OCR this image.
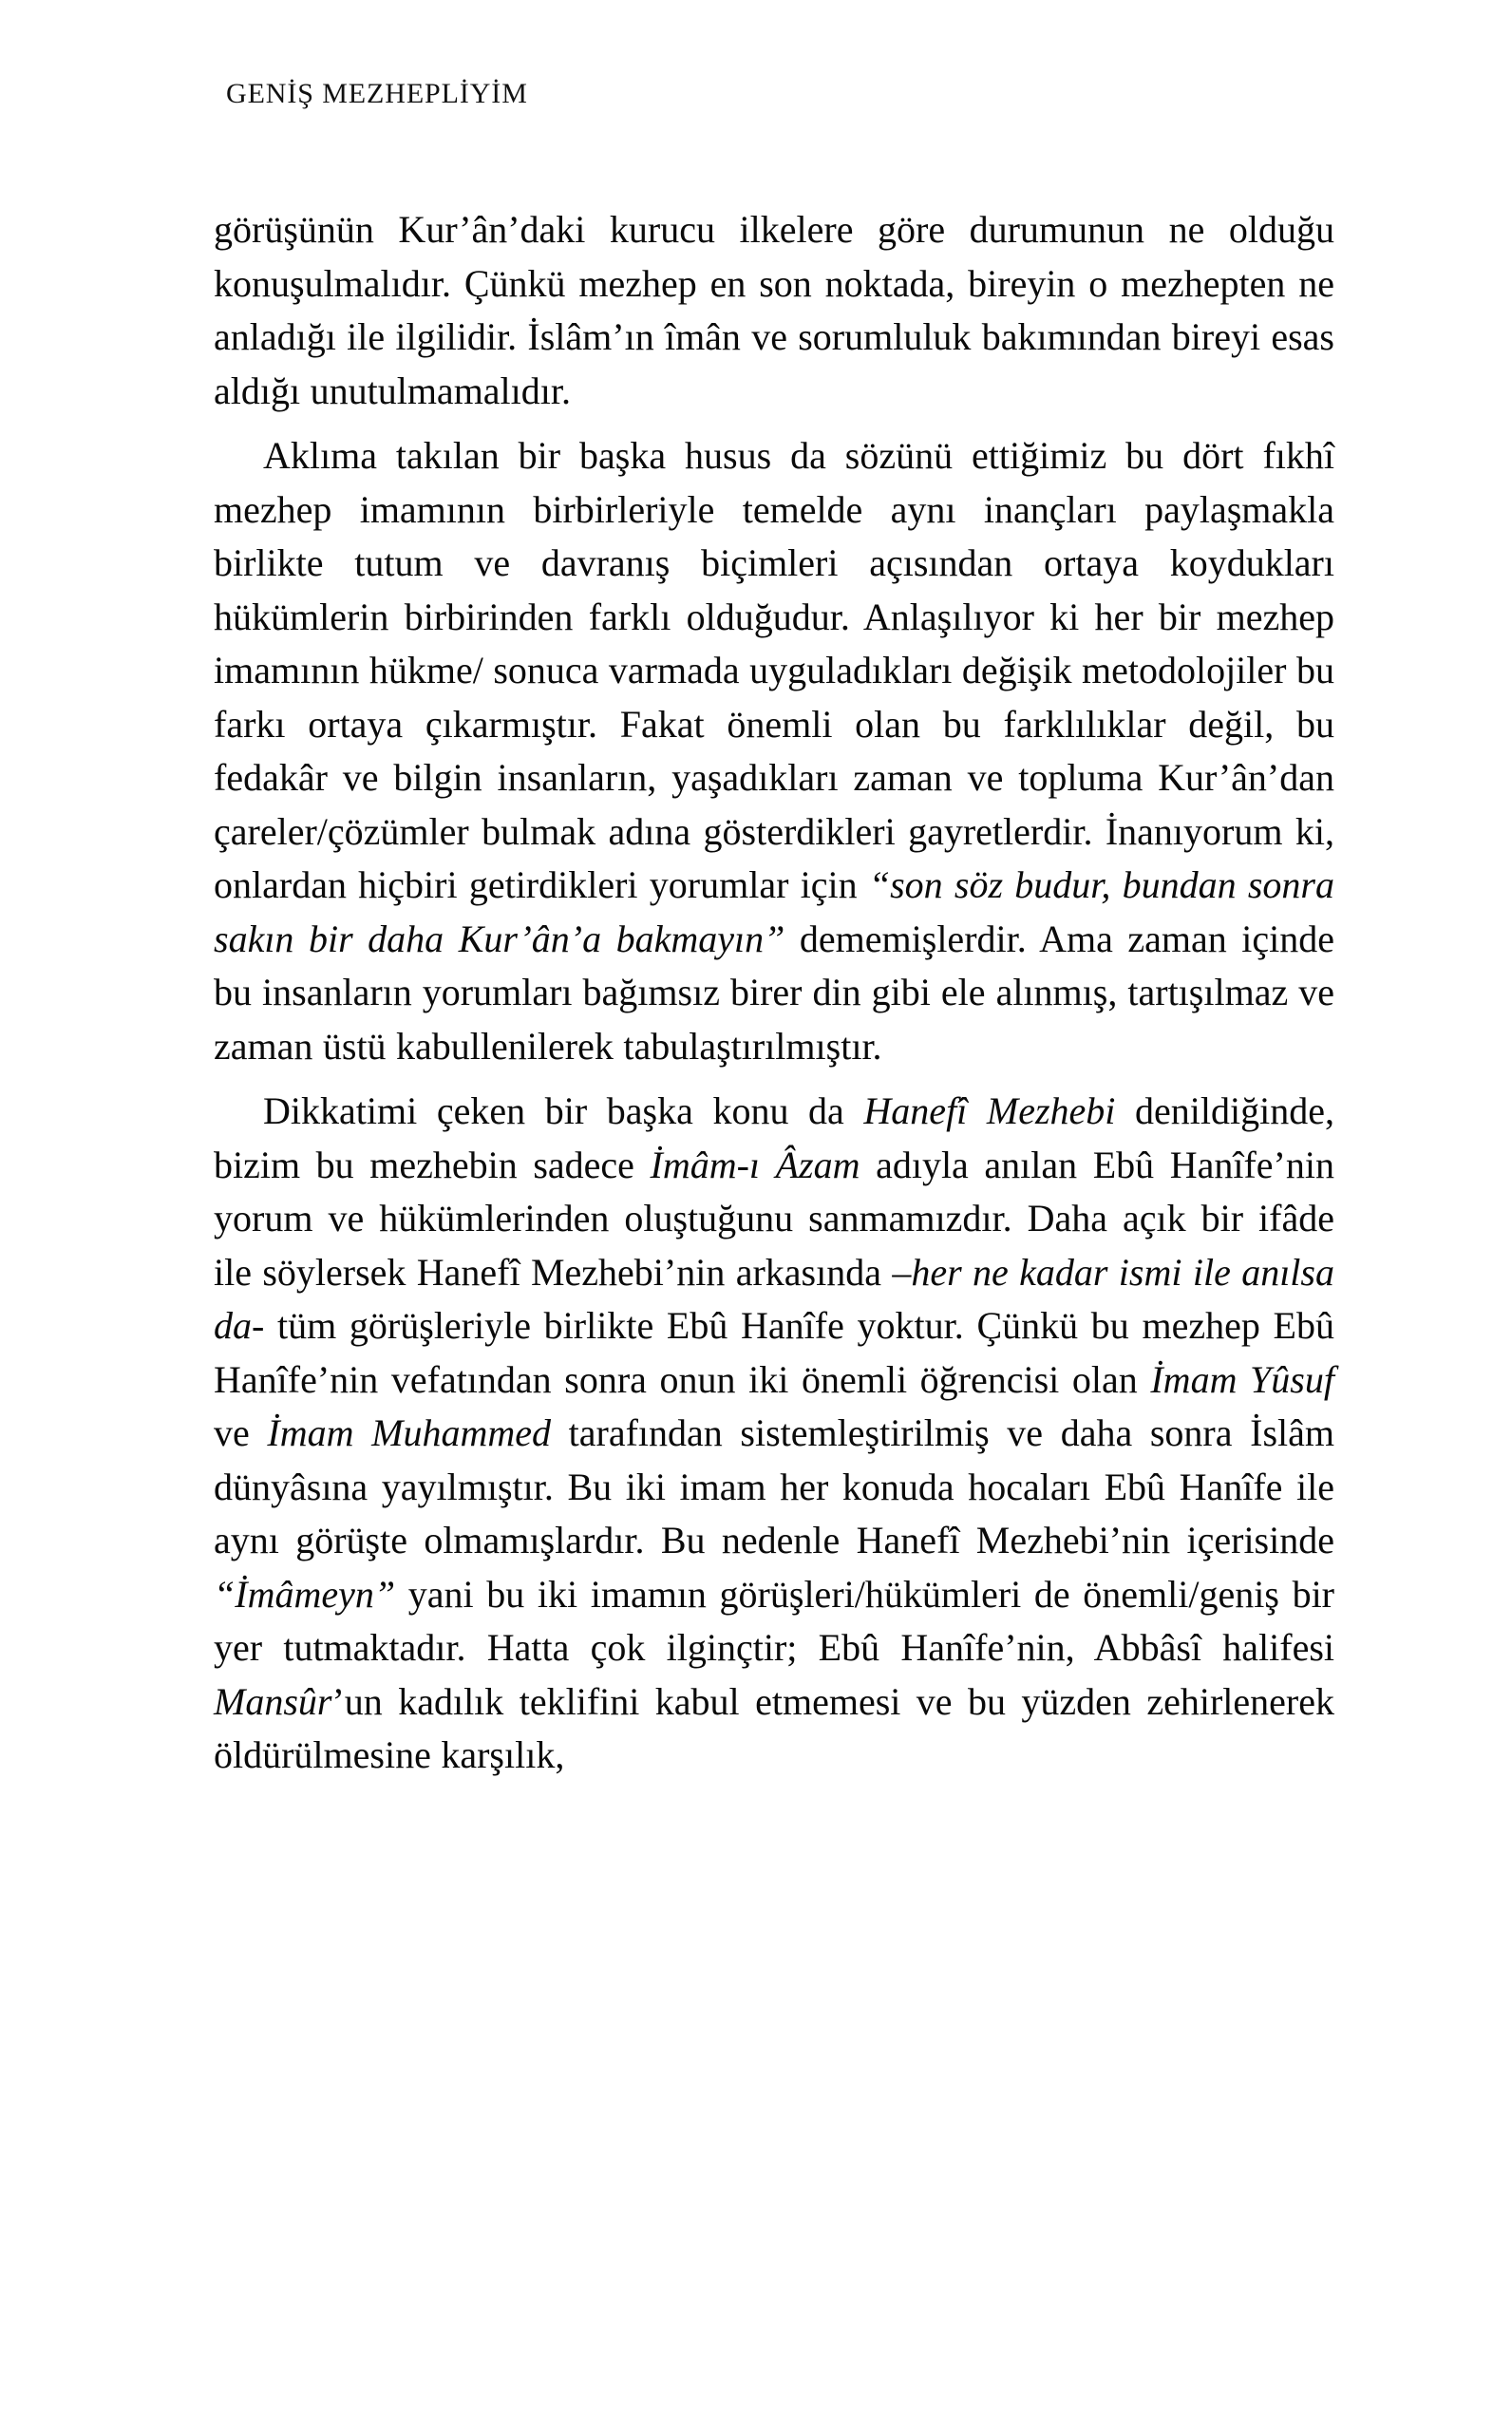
GENİŞ MEZHEPLİYİM

görüşünün Kur’ân’daki kurucu ilkelere göre durumunun ne olduğu konuşulmalıdır. Çünkü mezhep en son noktada, bireyin o mezhepten ne anladığı ile ilgilidir. İslâm’ın îmân ve sorumluluk bakımından bireyi esas aldığı unutulmamalıdır.

Aklıma takılan bir başka husus da sözünü ettiğimiz bu dört fıkhî mezhep imamının birbirleriyle temelde aynı inançları paylaşmakla birlikte tutum ve davranış biçimleri açısından ortaya koydukları hükümlerin birbirinden farklı olduğudur. Anlaşılıyor ki her bir mezhep imamının hükme/ sonuca varmada uyguladıkları değişik metodolojiler bu farkı ortaya çıkarmıştır. Fakat önemli olan bu farklılıklar değil, bu fedakâr ve bilgin insanların, yaşadıkları zaman ve topluma Kur’ân’dan çareler/çözümler bulmak adına gösterdikleri gayretlerdir. İnanıyorum ki, onlardan hiçbiri getirdikleri yorumlar için “son söz budur, bundan sonra sakın bir daha Kur’ân’a bakmayın” dememişlerdir. Ama zaman içinde bu insanların yorumları bağımsız birer din gibi ele alınmış, tartışılmaz ve zaman üstü kabullenilerek tabulaştırılmıştır.

Dikkatimi çeken bir başka konu da Hanefî Mezhebi denildiğinde, bizim bu mezhebin sadece İmâm-ı Âzam adıyla anılan Ebû Hanîfe’nin yorum ve hükümlerinden oluştuğunu sanmamızdır. Daha açık bir ifâde ile söylersek Hanefî Mezhebi’nin arkasında –her ne kadar ismi ile anılsa da- tüm görüşleriyle birlikte Ebû Hanîfe yoktur. Çünkü bu mezhep Ebû Hanîfe’nin vefatından sonra onun iki önemli öğrencisi olan İmam Yûsuf ve İmam Muhammed tarafından sistemleştirilmiş ve daha sonra İslâm dünyâsına yayılmıştır. Bu iki imam her konuda hocaları Ebû Hanîfe ile aynı görüşte olmamışlardır. Bu nedenle Hanefî Mezhebi’nin içerisinde “İmâmeyn” yani bu iki imamın görüşleri/hükümleri de önemli/geniş bir yer tutmaktadır. Hatta çok ilginçtir; Ebû Hanîfe’nin, Abbâsî halifesi Mansûr’un kadılık teklifini kabul etmemesi ve bu yüzden zehirlenerek öldürülmesine karşılık,
